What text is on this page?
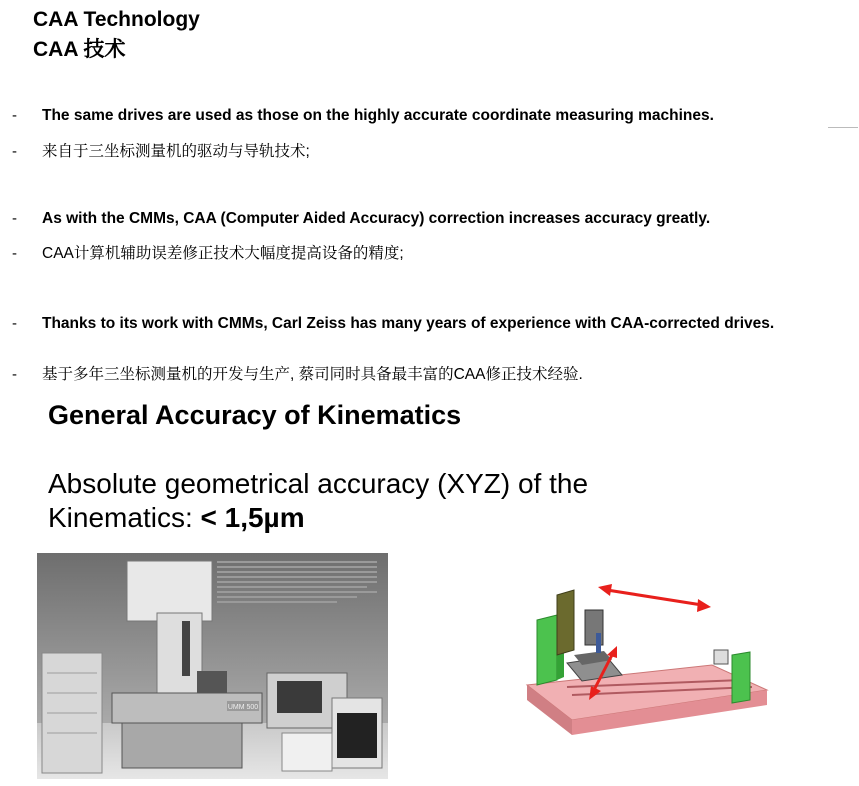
CAA Technology
CAA 技术
- The same drives are used as those on the highly accurate coordinate measuring machines.
- 来自于三坐标测量机的驱动与导轨技术;
- As with the CMMs, CAA (Computer Aided Accuracy) correction increases accuracy greatly.
- CAA计算机辅助误差修正技术大幅度提高设备的精度;
- Thanks to its work with CMMs, Carl Zeiss has many years of experience with CAA-corrected drives.
- 基于多年三坐标测量机的开发与生产, 蔡司同时具备最丰富的CAA修正技术经验.
General Accuracy of Kinematics
Absolute geometrical accuracy (XYZ) of the
Kinematics: < 1,5µm
UMM 500
